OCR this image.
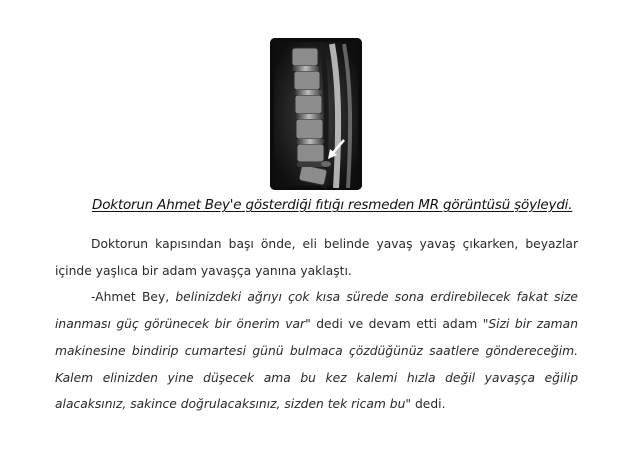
Doktorun Ahmet Bey'e gösterdiği fıtığı resmeden MR görüntüsü şöyleydi.

Doktorun kapısından başı önde, eli belinde yavaş yavaş çıkarken, beyazlar içinde yaşlıca bir adam yavaşça yanına yaklaştı.

-Ahmet Bey, belinizdeki ağrıyı çok kısa sürede sona erdirebilecek fakat size inanması güç görünecek bir önerim var" dedi ve devam etti adam "Sizi bir zaman makinesine bindirip cumartesi günü bulmaca çözdüğünüz saatlere göndereceğim. Kalem elinizden yine düşecek ama bu kez kalemi hızla değil yavaşça eğilip alacaksınız, sakince doğrulacaksınız, sizden tek ricam bu" dedi.
